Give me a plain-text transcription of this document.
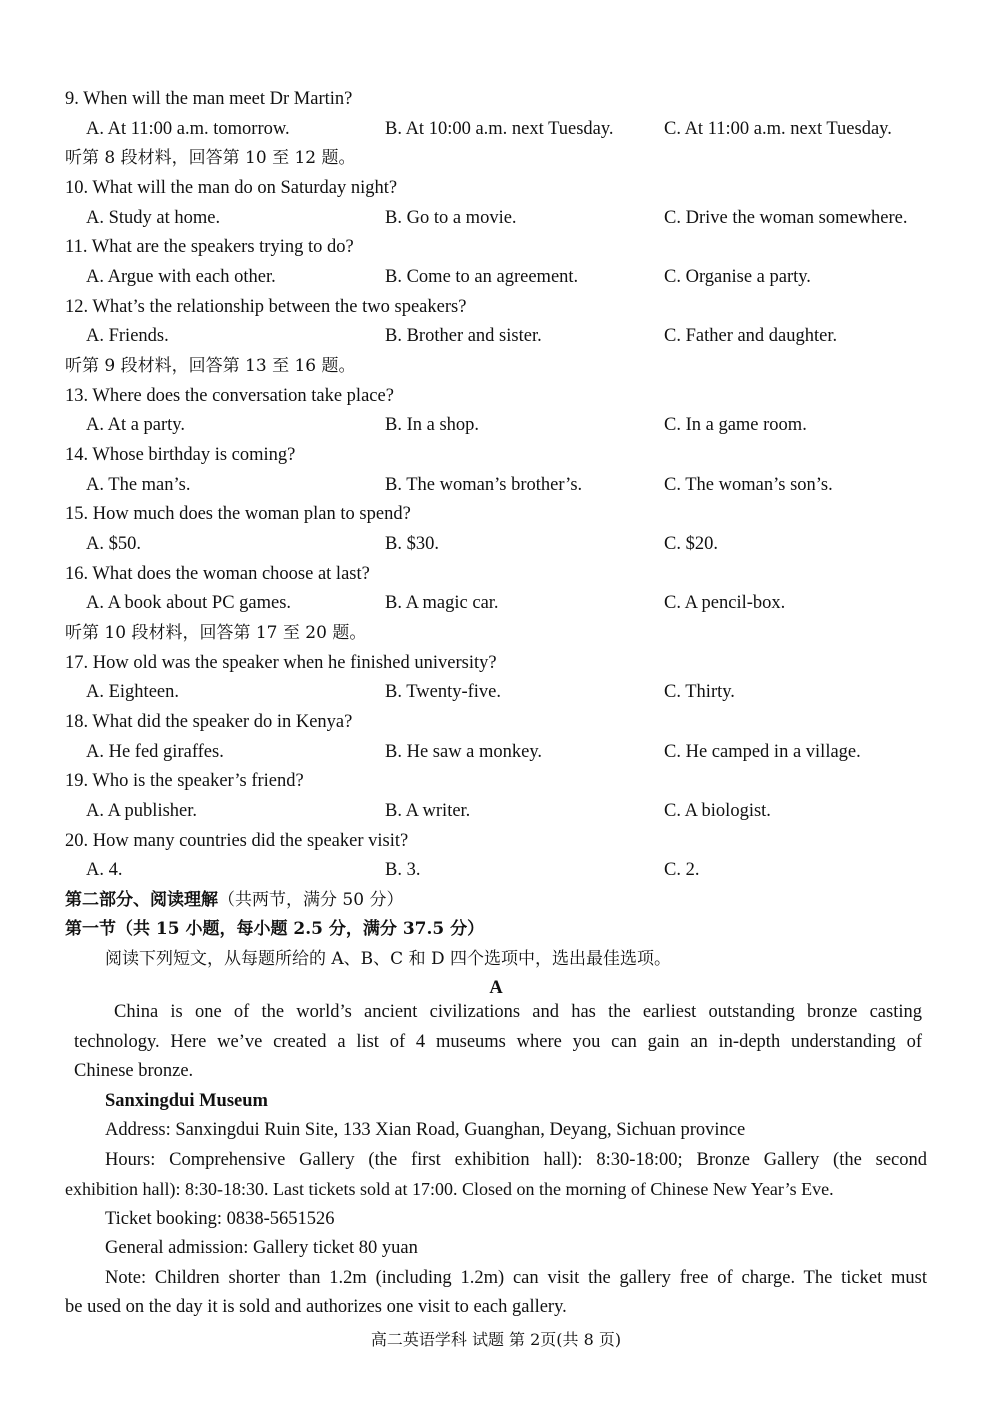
9. When will the man meet Dr Martin?
A. At 11:00 a.m. tomorrow.	B. At 10:00 a.m. next Tuesday.	C. At 11:00 a.m. next Tuesday.
听第 8 段材料，回答第 10 至 12 题。
10. What will the man do on Saturday night?
A. Study at home.	B. Go to a movie.	C. Drive the woman somewhere.
11. What are the speakers trying to do?
A. Argue with each other.	B. Come to an agreement.	C. Organise a party.
12. What’s the relationship between the two speakers?
A. Friends.	B. Brother and sister.	C. Father and daughter.
听第 9 段材料，回答第 13 至 16 题。
13. Where does the conversation take place?
A. At a party.	B. In a shop.	C. In a game room.
14. Whose birthday is coming?
A. The man’s.	B. The woman’s brother’s.	C. The woman’s son’s.
15. How much does the woman plan to spend?
A. $50.	B. $30.	C. $20.
16. What does the woman choose at last?
A. A book about PC games.	B. A magic car.	C. A pencil-box.
听第 10 段材料，回答第 17 至 20 题。
17. How old was the speaker when he finished university?
A. Eighteen.	B. Twenty-five.	C. Thirty.
18. What did the speaker do in Kenya?
A. He fed giraffes.	B. He saw a monkey.	C. He camped in a village.
19. Who is the speaker’s friend?
A. A publisher.	B. A writer.	C. A biologist.
20. How many countries did the speaker visit?
A. 4.	B. 3.	C. 2.
第二部分、阅读理解（共两节，满分 50 分）
第一节（共 15 小题，每小题 2.5 分，满分 37.5 分）
阅读下列短文，从每题所给的 A、B、C 和 D 四个选项中，选出最佳选项。
A
China is one of the world’s ancient civilizations and has the earliest outstanding bronze casting
technology. Here we’ve created a list of 4 museums where you can gain an in-depth understanding of
Chinese bronze.
Sanxingdui Museum
Address: Sanxingdui Ruin Site, 133 Xian Road, Guanghan, Deyang, Sichuan province
Hours: Comprehensive Gallery (the first exhibition hall): 8:30-18:00; Bronze Gallery (the second
exhibition hall): 8:30-18:30. Last tickets sold at 17:00. Closed on the morning of Chinese New Year’s Eve.
Ticket booking: 0838-5651526
General admission: Gallery ticket 80 yuan
Note: Children shorter than 1.2m (including 1.2m) can visit the gallery free of charge. The ticket must
be used on the day it is sold and authorizes one visit to each gallery.
高二英语学科 试题 第 2页(共 8 页)
